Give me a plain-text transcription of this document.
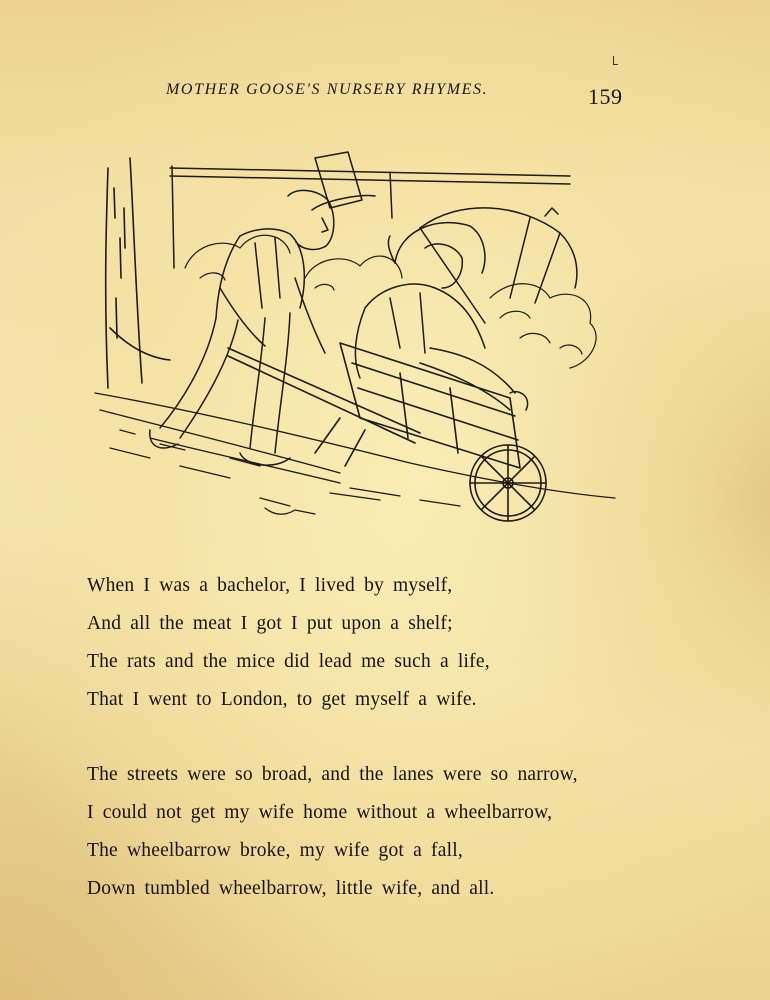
MOTHER GOOSE'S NURSERY RHYMES.	159
When I was a bachelor, I lived by myself,
And all the meat I got I put upon a shelf;
The rats and the mice did lead me such a life,
That I went to London, to get myself a wife.
The streets were so broad, and the lanes were so narrow,
I could not get my wife home without a wheelbarrow,
The wheelbarrow broke, my wife got a fall,
Down tumbled wheelbarrow, little wife, and all.
